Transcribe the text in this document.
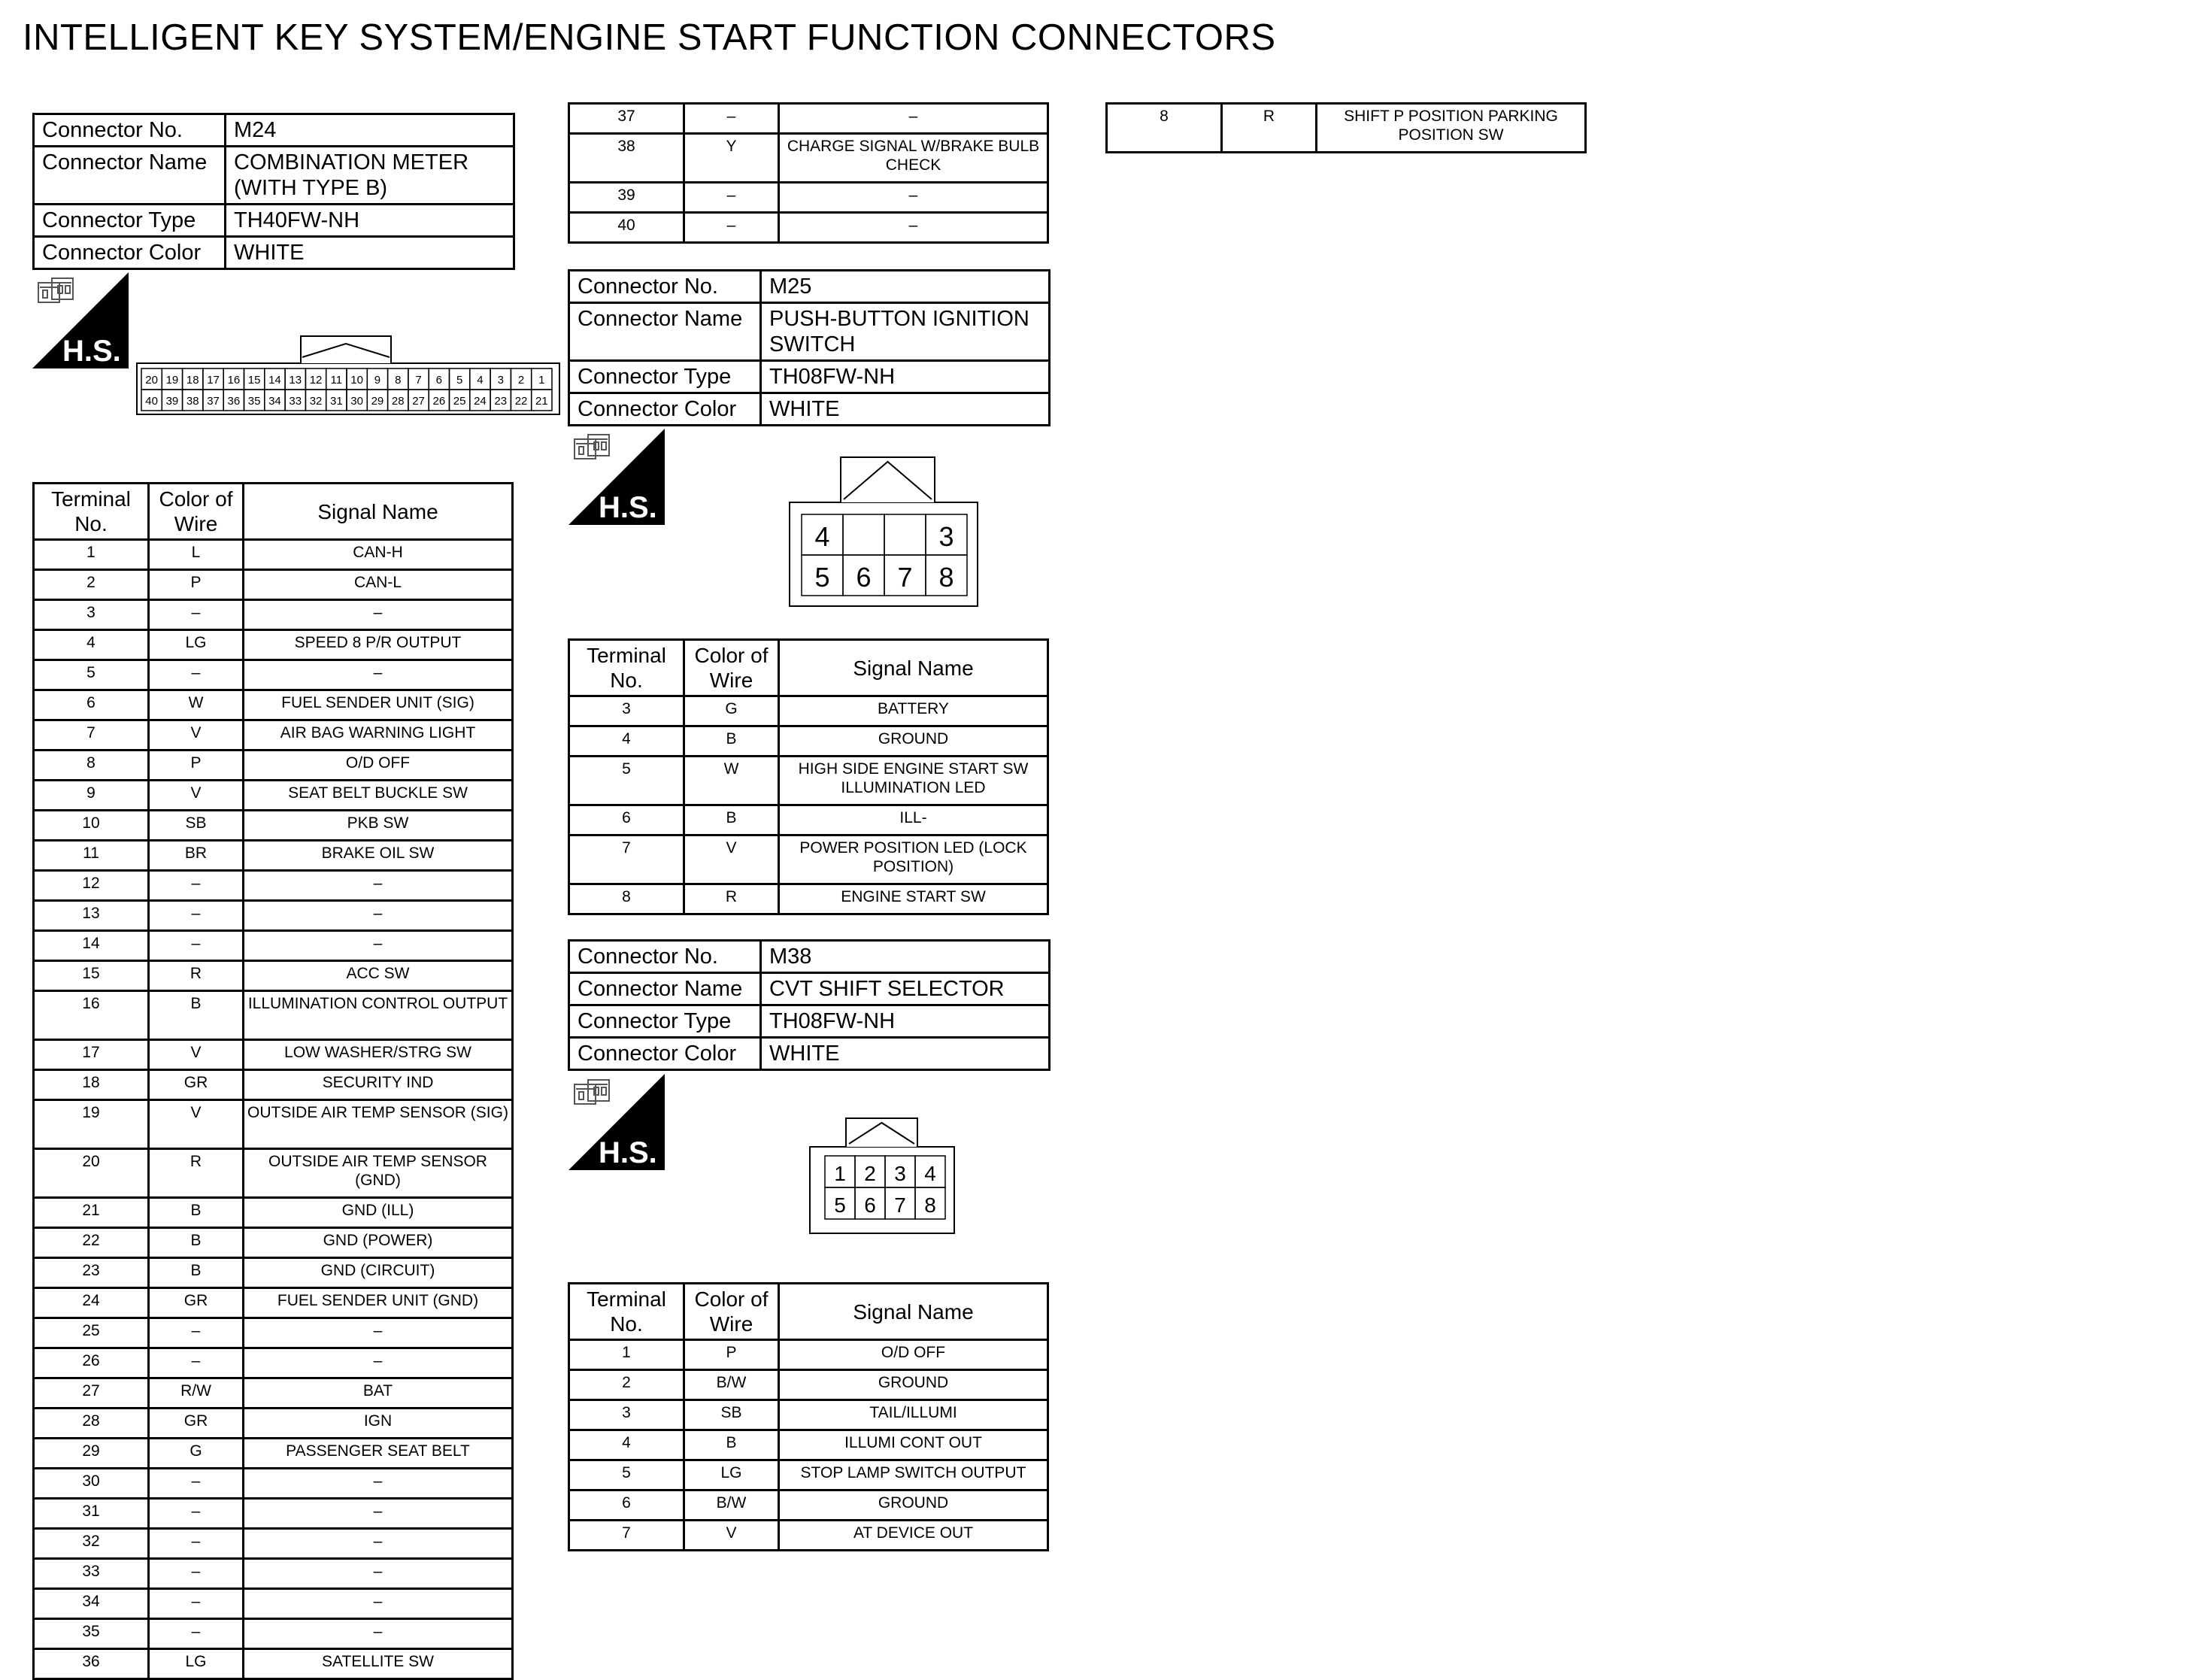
INTELLIGENT KEY SYSTEM/ENGINE START FUNCTION CONNECTORS
Connector No.	M24
Connector Name	COMBINATION METER (WITH TYPE B)
Connector Type	TH40FW-NH
Connector Color	WHITE
H.S.
20 19 18 17 16 15 14 13 12 11 10 9 8 7 6 5 4 3 2 1
40 39 38 37 36 35 34 33 32 31 30 29 28 27 26 25 24 23 22 21
Terminal No.	Color of Wire	Signal Name
1	L	CAN-H
2	P	CAN-L
3	–	–
4	LG	SPEED 8 P/R OUTPUT
5	–	–
6	W	FUEL SENDER UNIT (SIG)
7	V	AIR BAG WARNING LIGHT
8	P	O/D OFF
9	V	SEAT BELT BUCKLE SW
10	SB	PKB SW
11	BR	BRAKE OIL SW
12	–	–
13	–	–
14	–	–
15	R	ACC SW
16	B	ILLUMINATION CONTROL OUTPUT
17	V	LOW WASHER/STRG SW
18	GR	SECURITY IND
19	V	OUTSIDE AIR TEMP SENSOR (SIG)
20	R	OUTSIDE AIR TEMP SENSOR (GND)
21	B	GND (ILL)
22	B	GND (POWER)
23	B	GND (CIRCUIT)
24	GR	FUEL SENDER UNIT (GND)
25	–	–
26	–	–
27	R/W	BAT
28	GR	IGN
29	G	PASSENGER SEAT BELT
30	–	–
31	–	–
32	–	–
33	–	–
34	–	–
35	–	–
36	LG	SATELLITE SW
37	–	–
38	Y	CHARGE SIGNAL W/BRAKE BULB CHECK
39	–	–
40	–	–
Connector No.	M25
Connector Name	PUSH-BUTTON IGNITION SWITCH
Connector Type	TH08FW-NH
Connector Color	WHITE
H.S.
4	3
5 6 7 8
Terminal No.	Color of Wire	Signal Name
3	G	BATTERY
4	B	GROUND
5	W	HIGH SIDE ENGINE START SW ILLUMINATION LED
6	B	ILL-
7	V	POWER POSITION LED (LOCK POSITION)
8	R	ENGINE START SW
Connector No.	M38
Connector Name	CVT SHIFT SELECTOR
Connector Type	TH08FW-NH
Connector Color	WHITE
H.S.
1 2 3 4
5 6 7 8
Terminal No.	Color of Wire	Signal Name
1	P	O/D OFF
2	B/W	GROUND
3	SB	TAIL/ILLUMI
4	B	ILLUMI CONT OUT
5	LG	STOP LAMP SWITCH OUTPUT
6	B/W	GROUND
7	V	AT DEVICE OUT
8	R	SHIFT P POSITION PARKING POSITION SW
